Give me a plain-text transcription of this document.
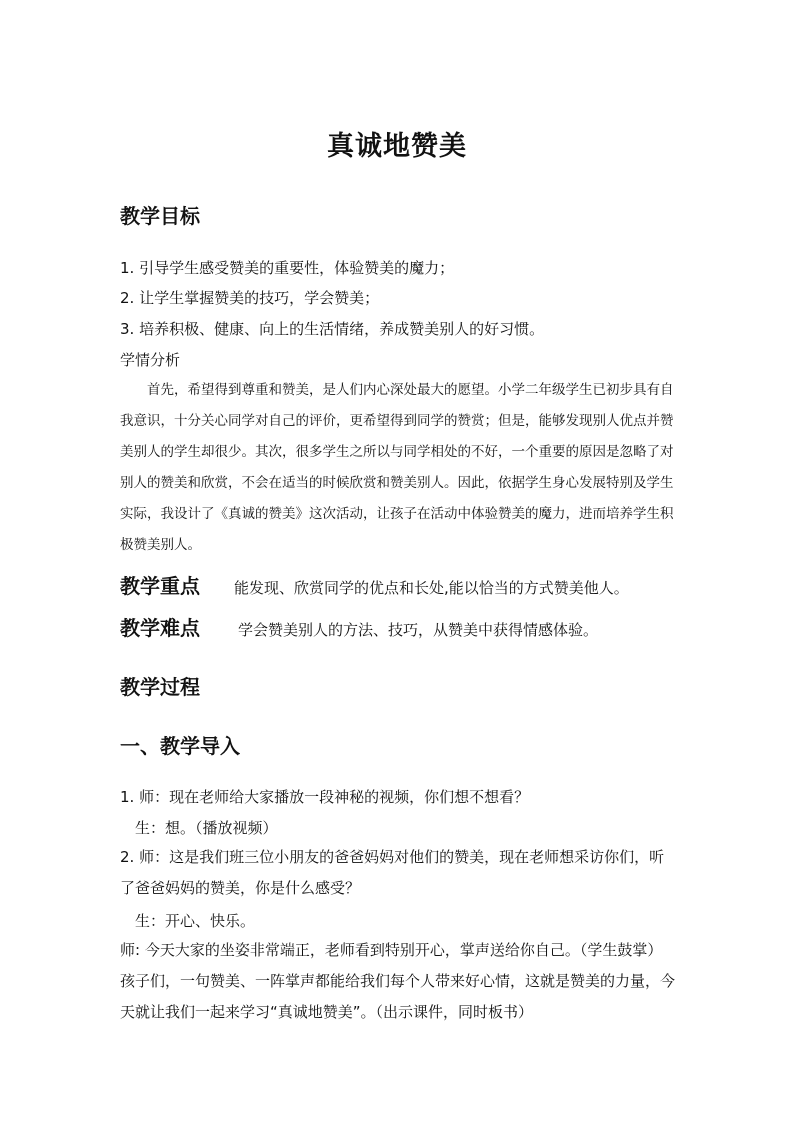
真诚地赞美
教学目标
1. 引导学生感受赞美的重要性，体验赞美的魔力；
2. 让学生掌握赞美的技巧，学会赞美；
3. 培养积极、健康、向上的生活情绪，养成赞美别人的好习惯。
学情分析
首先，希望得到尊重和赞美，是人们内心深处最大的愿望。小学二年级学生已初步具有自我意识，十分关心同学对自己的评价，更希望得到同学的赞赏；但是，能够发现别人优点并赞美别人的学生却很少。其次，很多学生之所以与同学相处的不好，一个重要的原因是忽略了对别人的赞美和欣赏，不会在适当的时候欣赏和赞美别人。因此，依据学生身心发展特别及学生实际，我设计了《真诚的赞美》这次活动，让孩子在活动中体验赞美的魔力，进而培养学生积极赞美别人。
教学重点 能发现、欣赏同学的优点和长处,能以恰当的方式赞美他人。
教学难点	学会赞美别人的方法、技巧，从赞美中获得情感体验。
教学过程
一、教学导入
1. 师：现在老师给大家播放一段神秘的视频，你们想不想看？
生：想。（播放视频）
2. 师：这是我们班三位小朋友的爸爸妈妈对他们的赞美，现在老师想采访你们，听了爸爸妈妈的赞美，你是什么感受？
生：开心、快乐。
师: 今天大家的坐姿非常端正，老师看到特别开心，掌声送给你自己。（学生鼓掌）孩子们，一句赞美、一阵掌声都能给我们每个人带来好心情，这就是赞美的力量，今天就让我们一起来学习“真诚地赞美”。（出示课件，同时板书）
